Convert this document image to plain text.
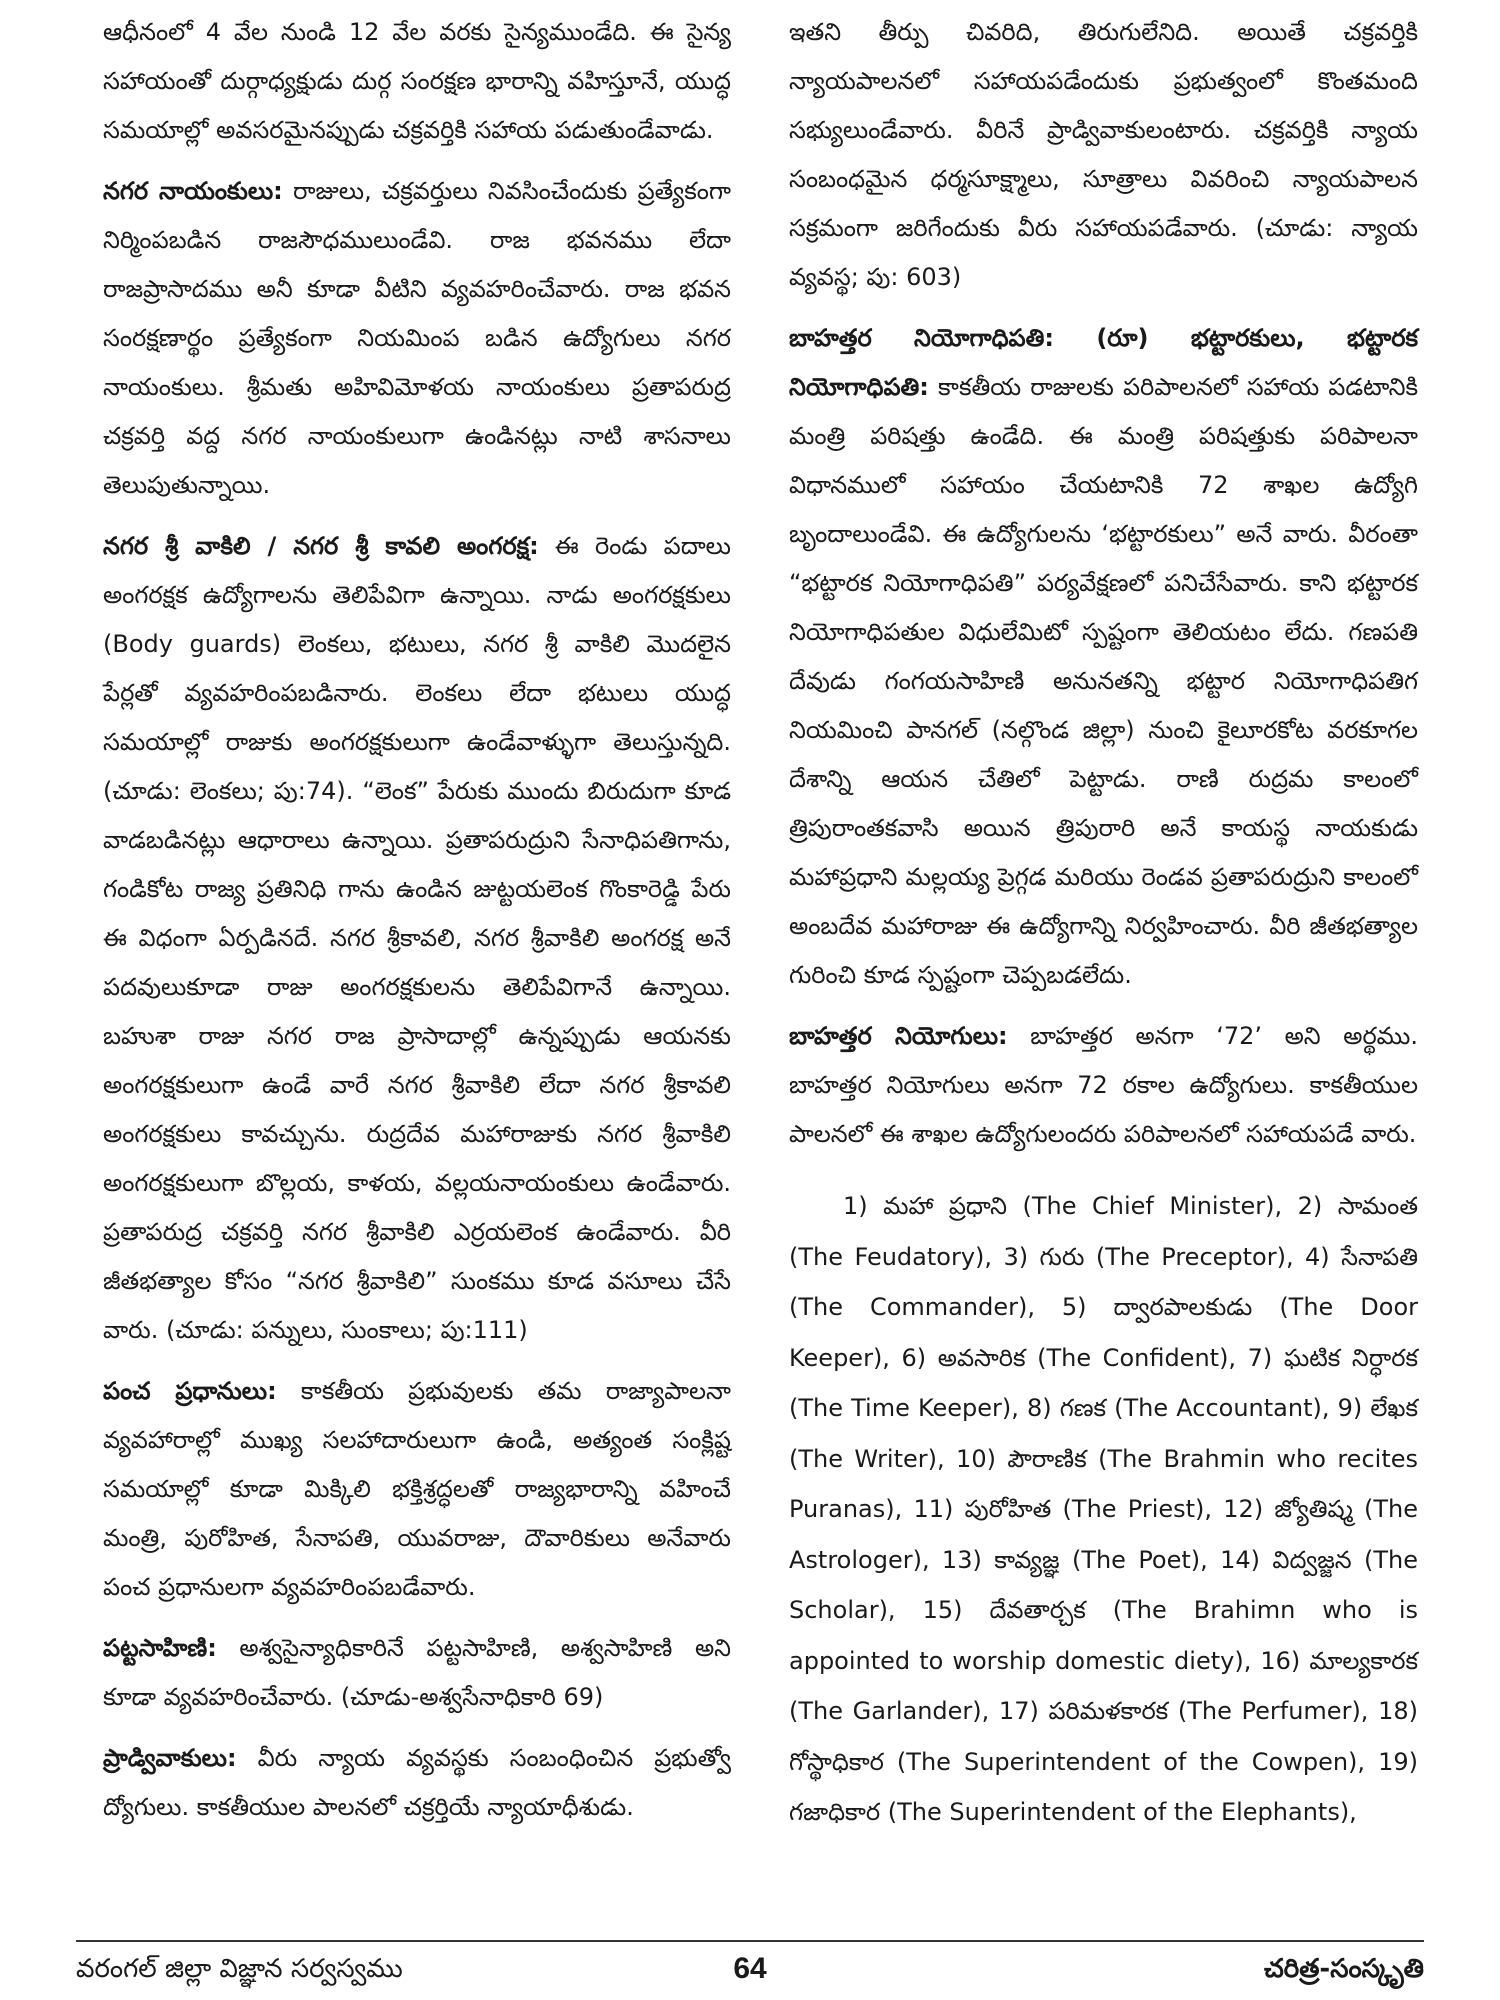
ఆధీనంలో 4 వేల నుండి 12 వేల వరకు సైన్యముండేది. ఈ సైన్య సహాయంతో దుర్గాధ్యక్షుడు దుర్గ సంరక్షణ భారాన్ని వహిస్తూనే, యుద్ధ సమయాల్లో అవసరమైనప్పుడు చక్రవర్తికి సహాయ పడుతుండేవాడు.

నగర నాయంకులు: రాజులు, చక్రవర్తులు నివసించేందుకు ప్రత్యేకంగా నిర్మింపబడిన రాజసౌధములుండేవి. రాజ భవనము లేదా రాజప్రాసాదము అనీ కూడా వీటిని వ్యవహరించేవారు. రాజ భవన సంరక్షణార్థం ప్రత్యేకంగా నియమింప బడిన ఉద్యోగులు నగర నాయంకులు. శ్రీమతు అహివిమోళయ నాయంకులు ప్రతాపరుద్ర చక్రవర్తి వద్ద నగర నాయంకులుగా ఉండినట్లు నాటి శాసనాలు తెలుపుతున్నాయి.

నగర శ్రీ వాకిలి / నగర శ్రీ కావలి అంగరక్ష: ఈ రెండు పదాలు అంగరక్షక ఉద్యోగాలను తెలిపేవిగా ఉన్నాయి. నాడు అంగరక్షకులు (Body guards) లెంకలు, భటులు, నగర శ్రీ వాకిలి మొదలైన పేర్లతో వ్యవహరింపబడినారు. లెంకలు లేదా భటులు యుద్ధ సమయాల్లో రాజుకు అంగరక్షకులుగా ఉండేవాళ్ళుగా తెలుస్తున్నది. (చూడు: లెంకలు; పు:74). “లెంక” పేరుకు ముందు బిరుదుగా కూడ వాడబడినట్లు ఆధారాలు ఉన్నాయి. ప్రతాపరుద్రుని సేనాధిపతిగాను, గండికోట రాజ్య ప్రతినిధి గాను ఉండిన జుట్టయలెంక గొంకారెడ్డి పేరు ఈ విధంగా ఏర్పడినదే. నగర శ్రీకావలి, నగర శ్రీవాకిలి అంగరక్ష అనే పదవులుకూడా రాజు అంగరక్షకులను తెలిపేవిగానే ఉన్నాయి. బహుశా రాజు నగర రాజ ప్రాసాదాల్లో ఉన్నప్పుడు ఆయనకు అంగరక్షకులుగా ఉండే వారే నగర శ్రీవాకిలి లేదా నగర శ్రీకావలి అంగరక్షకులు కావచ్చును. రుద్రదేవ మహారాజుకు నగర శ్రీవాకిలి అంగరక్షకులుగా బొల్లయ, కాళయ, వల్లయనాయంకులు ఉండేవారు. ప్రతాపరుద్ర చక్రవర్తి నగర శ్రీవాకిలి ఎర్రయలెంక ఉండేవారు. వీరి జీతభత్యాల కోసం “నగర శ్రీవాకిలి” సుంకము కూడ వసూలు చేసే వారు. (చూడు: పన్నులు, సుంకాలు; పు:111)

పంచ ప్రధానులు: కాకతీయ ప్రభువులకు తమ రాజ్యాపాలనా వ్యవహారాల్లో ముఖ్య సలహాదారులుగా ఉండి, అత్యంత సంక్లిష్ట సమయాల్లో కూడా మిక్కిలి భక్తిశ్రద్ధలతో రాజ్యభారాన్ని వహించే మంత్రి, పురోహిత, సేనాపతి, యువరాజు, దౌవారికులు అనేవారు పంచ ప్రధానులగా వ్యవహరింపబడేవారు.

పట్టసాహిణి: అశ్వసైన్యాధికారినే పట్టసాహిణి, అశ్వసాహిణి అని కూడా వ్యవహరించేవారు. (చూడు-అశ్వసేనాధికారి 69)

ప్రాడ్వివాకులు: వీరు న్యాయ వ్యవస్థకు సంబంధించిన ప్రభుత్వో ద్యోగులు. కాకతీయుల పాలనలో చక్రర్తియే న్యాయాధీశుడు.

ఇతని తీర్పు చివరిది, తిరుగులేనిది. అయితే చక్రవర్తికి న్యాయపాలనలో సహాయపడేందుకు ప్రభుత్వంలో కొంతమంది సభ్యులుండేవారు. వీరినే ప్రాడ్వివాకులంటారు. చక్రవర్తికి న్యాయ సంబంధమైన ధర్మసూక్ష్మాలు, సూత్రాలు వివరించి న్యాయపాలన సక్రమంగా జరిగేందుకు వీరు సహాయపడేవారు. (చూడు: న్యాయ వ్యవస్థ; పు: 603)

బాహత్తర నియోగాధిపతి: (రూ) భట్టారకులు, భట్టారక నియోగాధిపతి: కాకతీయ రాజులకు పరిపాలనలో సహాయ పడటానికి మంత్రి పరిషత్తు ఉండేది. ఈ మంత్రి పరిషత్తుకు పరిపాలనా విధానములో సహాయం చేయటానికి 72 శాఖల ఉద్యోగి బృందాలుండేవి. ఈ ఉద్యోగులను ‘భట్టారకులు” అనే వారు. వీరంతా “భట్టారక నియోగాధిపతి” పర్యవేక్షణలో పనిచేసేవారు. కాని భట్టారక నియోగాధిపతుల విధులేమిటో స్పష్టంగా తెలియటం లేదు. గణపతి దేవుడు గంగయసాహిణి అనునతన్ని భట్టార నియోగాధిపతిగ నియమించి పానగల్ (నల్గొండ జిల్లా) నుంచి కైలూరకోట వరకూగల దేశాన్ని ఆయన చేతిలో పెట్టాడు. రాణి రుద్రమ కాలంలో త్రిపురాంతకవాసి అయిన త్రిపురారి అనే కాయస్థ నాయకుడు మహాప్రధాని మల్లయ్య ప్రెగ్గడ మరియు రెండవ ప్రతాపరుద్రుని కాలంలో అంబదేవ మహారాజు ఈ ఉద్యోగాన్ని నిర్వహించారు. వీరి జీతభత్యాల గురించి కూడ స్పష్టంగా చెప్పబడలేదు.

బాహత్తర నియోగులు: బాహత్తర అనగా ‘72’ అని అర్థము. బాహత్తర నియోగులు అనగా 72 రకాల ఉద్యోగులు. కాకతీయుల పాలనలో ఈ శాఖల ఉద్యోగులందరు పరిపాలనలో సహాయపడే వారు.

1) మహా ప్రధాని (The Chief Minister), 2) సామంత (The Feudatory), 3) గురు (The Preceptor), 4) సేనాపతి (The Commander), 5) ద్వారపాలకుడు (The Door Keeper), 6) అవసారిక (The Confident), 7) ఘటిక నిర్ధారక (The Time Keeper), 8) గణక (The Accountant), 9) లేఖక (The Writer), 10) పౌరాణిక (The Brahmin who recites Puranas), 11) పురోహిత (The Priest), 12) జ్యోతిష్మ (The Astrologer), 13) కావ్యజ్ఞ (The Poet), 14) విద్వజ్జన (The Scholar), 15) దేవతార్చక (The Brahimn who is appointed to worship domestic diety), 16) మాల్యకారక (The Garlander), 17) పరిమళకారక (The Perfumer), 18) గోస్థాధికార (The Superintendent of the Cowpen), 19) గజాధికార (The Superintendent of the Elephants),

వరంగల్ జిల్లా విజ్ఞాన సర్వస్వము	64	చరిత్ర-సంస్కృతి
